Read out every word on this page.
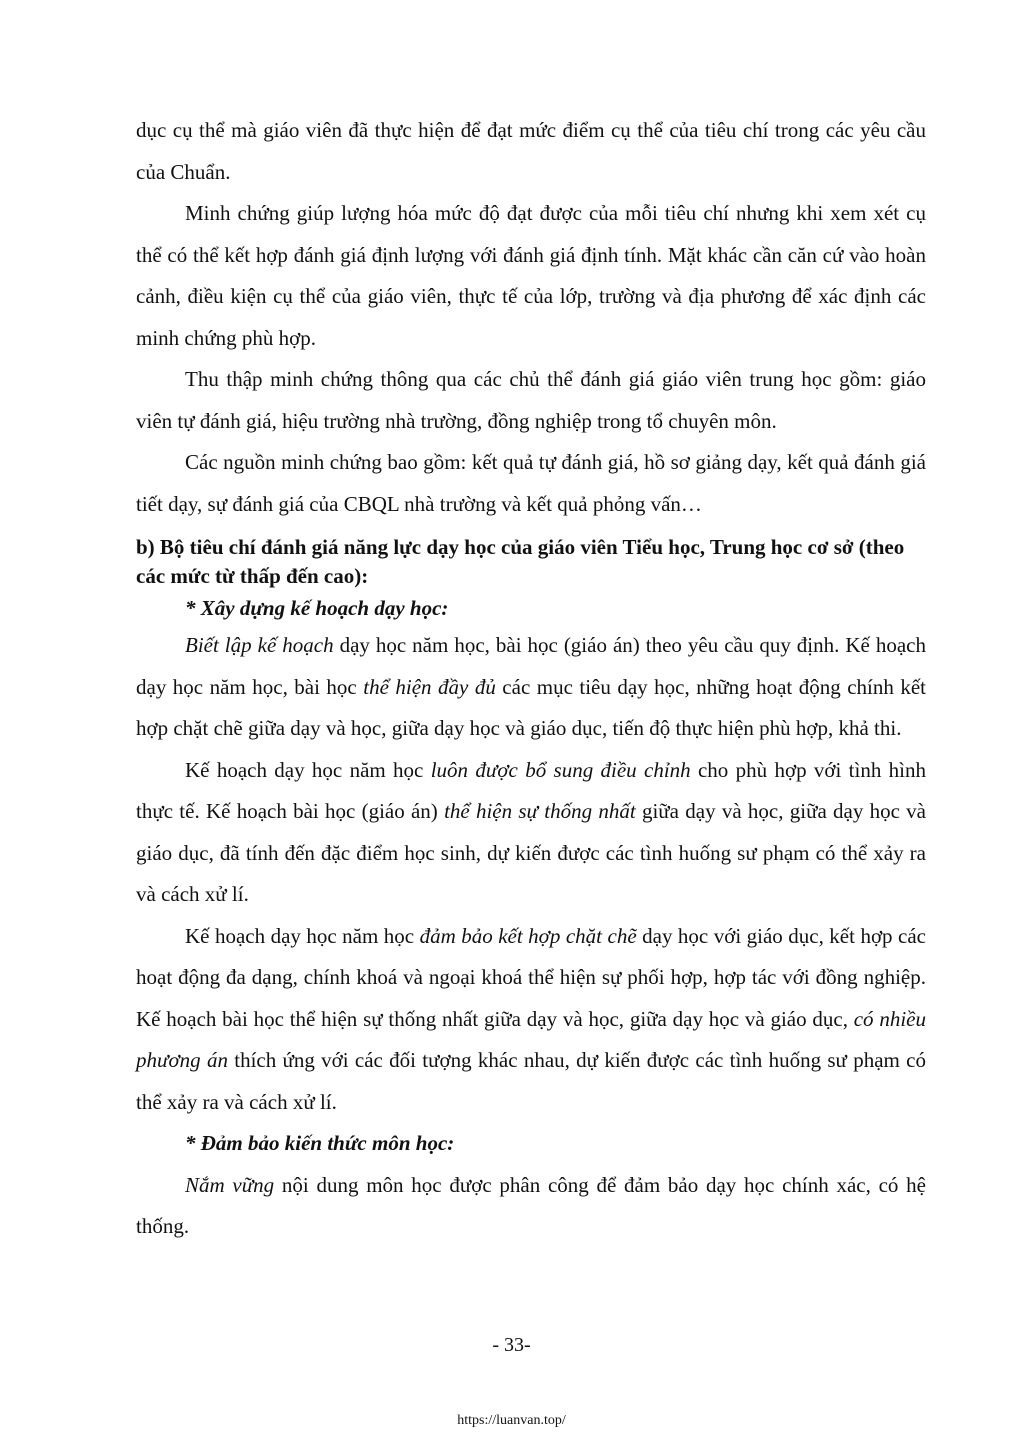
dục cụ thể mà giáo viên đã thực hiện để đạt mức điểm cụ thể của tiêu chí trong các yêu cầu của Chuẩn.

Minh chứng giúp lượng hóa mức độ đạt được của mỗi tiêu chí nhưng khi xem xét cụ thể có thể kết hợp đánh giá định lượng với đánh giá định tính. Mặt khác cần căn cứ vào hoàn cảnh, điều kiện cụ thể của giáo viên, thực tế của lớp, trường và địa phương để xác định các minh chứng phù hợp.

Thu thập minh chứng thông qua các chủ thể đánh giá giáo viên trung học gồm: giáo viên tự đánh giá, hiệu trường nhà trường, đồng nghiệp trong tổ chuyên môn.

Các nguồn minh chứng bao gồm: kết quả tự đánh giá, hồ sơ giảng dạy, kết quả đánh giá tiết dạy, sự đánh giá của CBQL nhà trường và kết quả phỏng vấn…

b) Bộ tiêu chí đánh giá năng lực dạy học của giáo viên Tiểu học, Trung học cơ sở (theo các mức từ thấp đến cao):

* Xây dựng kế hoạch dạy học:

Biết lập kế hoạch dạy học năm học, bài học (giáo án) theo yêu cầu quy định. Kế hoạch dạy học năm học, bài học thể hiện đầy đủ các mục tiêu dạy học, những hoạt động chính kết hợp chặt chẽ giữa dạy và học, giữa dạy học và giáo dục, tiến độ thực hiện phù hợp, khả thi.

Kế hoạch dạy học năm học luôn được bổ sung điều chỉnh cho phù hợp với tình hình thực tế. Kế hoạch bài học (giáo án) thể hiện sự thống nhất giữa dạy và học, giữa dạy học và giáo dục, đã tính đến đặc điểm học sinh, dự kiến được các tình huống sư phạm có thể xảy ra và cách xử lí.

Kế hoạch dạy học năm học đảm bảo kết hợp chặt chẽ dạy học với giáo dục, kết hợp các hoạt động đa dạng, chính khoá và ngoại khoá thể hiện sự phối hợp, hợp tác với đồng nghiệp. Kế hoạch bài học thể hiện sự thống nhất giữa dạy và học, giữa dạy học và giáo dục, có nhiều phương án thích ứng với các đối tượng khác nhau, dự kiến được các tình huống sư phạm có thể xảy ra và cách xử lí.

* Đảm bảo kiến thức môn học:

Nắm vững nội dung môn học được phân công để đảm bảo dạy học chính xác, có hệ thống.

- 33-
https://luanvan.top/
